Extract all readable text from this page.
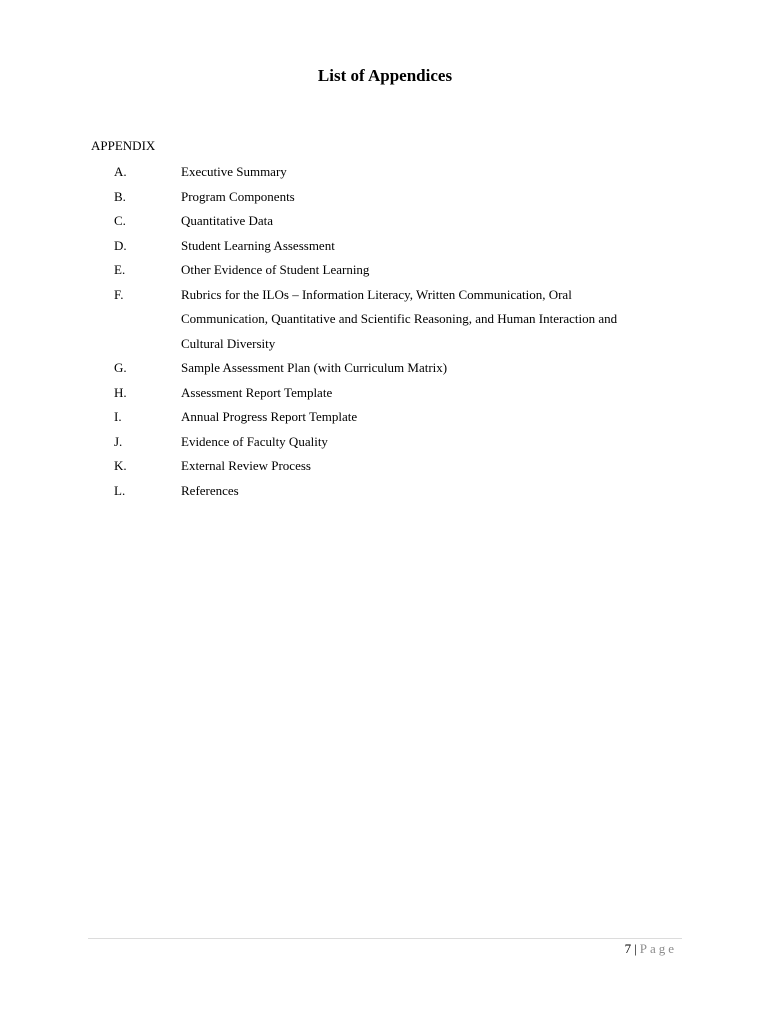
List of Appendices
APPENDIX
A.	Executive Summary
B.	Program Components
C.	Quantitative Data
D.	Student Learning Assessment
E.	Other Evidence of Student Learning
F.	Rubrics for the ILOs – Information Literacy, Written Communication, Oral Communication, Quantitative and Scientific Reasoning, and Human Interaction and Cultural Diversity
G.	Sample Assessment Plan (with Curriculum Matrix)
H.	Assessment Report Template
I.	Annual Progress Report Template
J.	Evidence of Faculty Quality
K.	External Review Process
L.	References
7 | Page
